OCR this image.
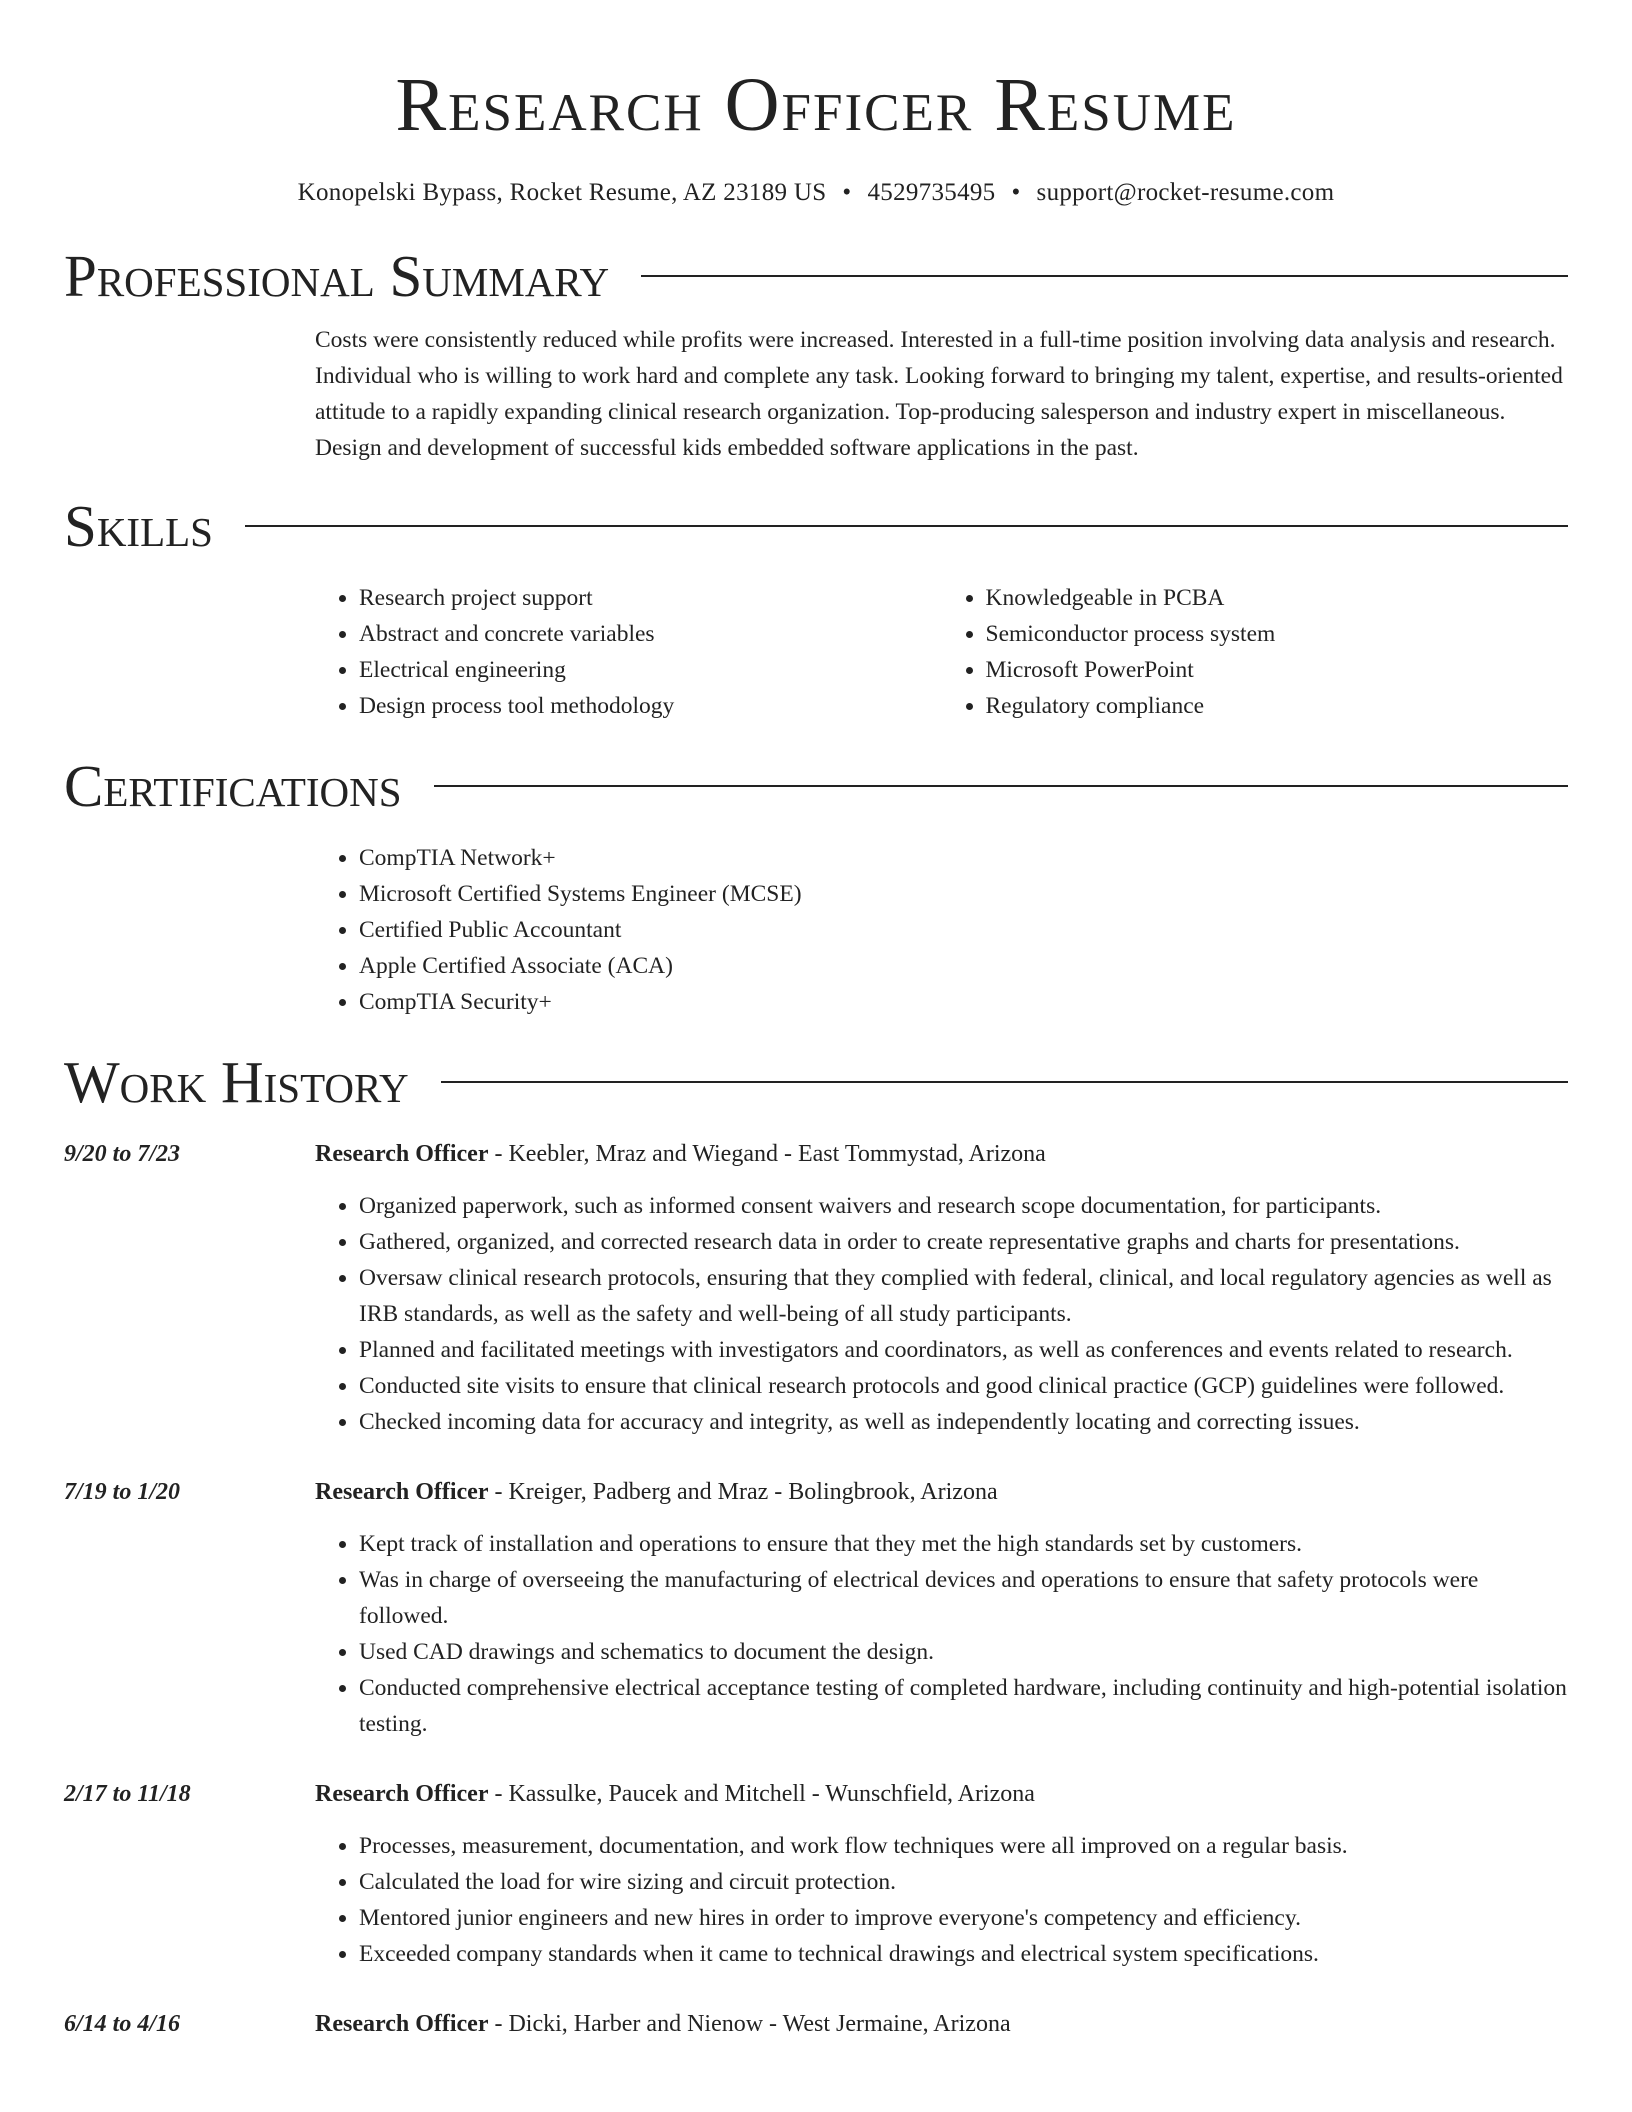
Research Officer Resume
Konopelski Bypass, Rocket Resume, AZ 23189 US • 4529735495 • support@rocket-resume.com
Professional Summary
Costs were consistently reduced while profits were increased. Interested in a full-time position involving data analysis and research. Individual who is willing to work hard and complete any task. Looking forward to bringing my talent, expertise, and results-oriented attitude to a rapidly expanding clinical research organization. Top-producing salesperson and industry expert in miscellaneous. Design and development of successful kids embedded software applications in the past.
Skills
• Research project support
• Abstract and concrete variables
• Electrical engineering
• Design process tool methodology
• Knowledgeable in PCBA
• Semiconductor process system
• Microsoft PowerPoint
• Regulatory compliance
Certifications
• CompTIA Network+
• Microsoft Certified Systems Engineer (MCSE)
• Certified Public Accountant
• Apple Certified Associate (ACA)
• CompTIA Security+
Work History
9/20 to 7/23	Research Officer - Keebler, Mraz and Wiegand - East Tommystad, Arizona
• Organized paperwork, such as informed consent waivers and research scope documentation, for participants.
• Gathered, organized, and corrected research data in order to create representative graphs and charts for presentations.
• Oversaw clinical research protocols, ensuring that they complied with federal, clinical, and local regulatory agencies as well as IRB standards, as well as the safety and well-being of all study participants.
• Planned and facilitated meetings with investigators and coordinators, as well as conferences and events related to research.
• Conducted site visits to ensure that clinical research protocols and good clinical practice (GCP) guidelines were followed.
• Checked incoming data for accuracy and integrity, as well as independently locating and correcting issues.
7/19 to 1/20	Research Officer - Kreiger, Padberg and Mraz - Bolingbrook, Arizona
• Kept track of installation and operations to ensure that they met the high standards set by customers.
• Was in charge of overseeing the manufacturing of electrical devices and operations to ensure that safety protocols were followed.
• Used CAD drawings and schematics to document the design.
• Conducted comprehensive electrical acceptance testing of completed hardware, including continuity and high-potential isolation testing.
2/17 to 11/18	Research Officer - Kassulke, Paucek and Mitchell - Wunschfield, Arizona
• Processes, measurement, documentation, and work flow techniques were all improved on a regular basis.
• Calculated the load for wire sizing and circuit protection.
• Mentored junior engineers and new hires in order to improve everyone's competency and efficiency.
• Exceeded company standards when it came to technical drawings and electrical system specifications.
6/14 to 4/16	Research Officer - Dicki, Harber and Nienow - West Jermaine, Arizona
